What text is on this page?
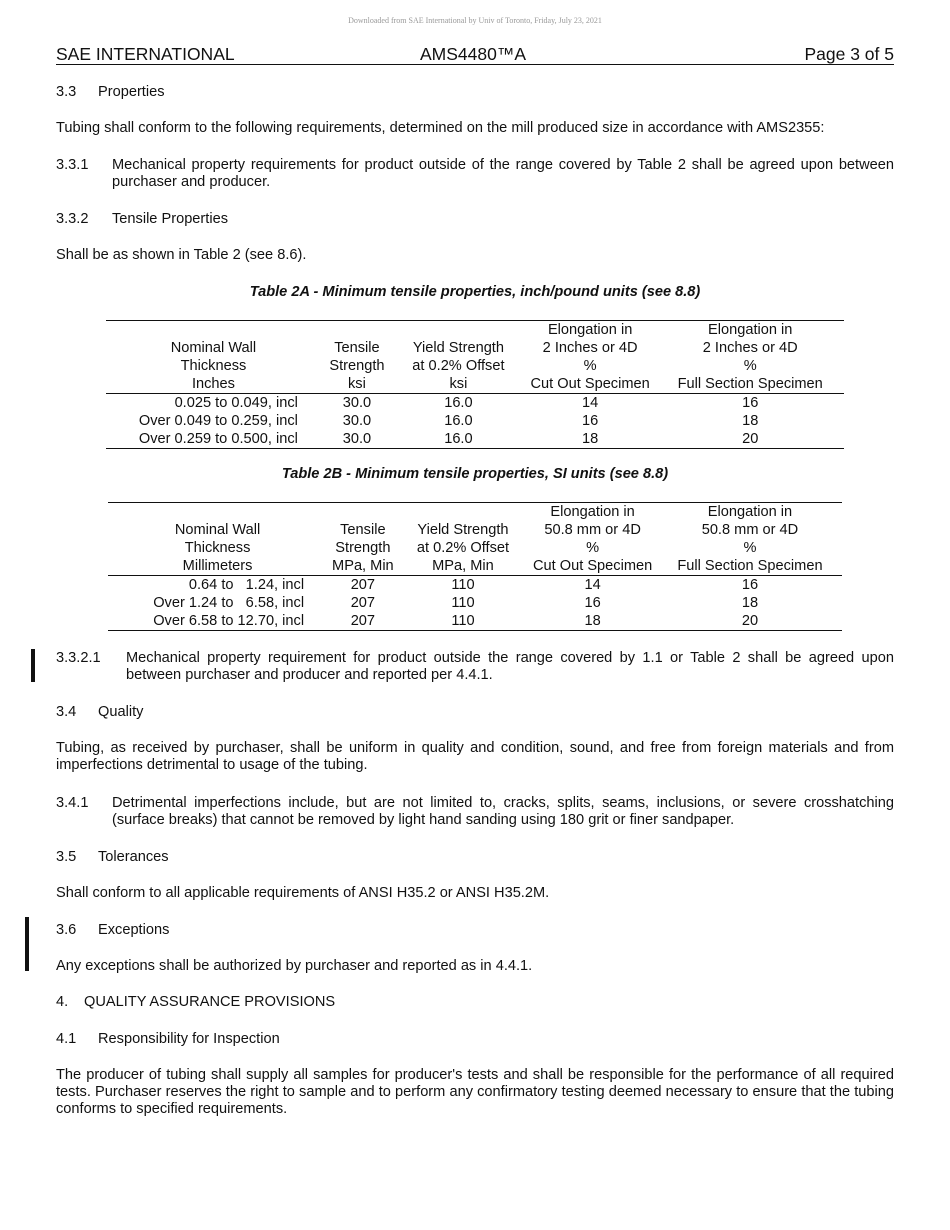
Downloaded from SAE International by Univ of Toronto, Friday, July 23, 2021
SAE INTERNATIONAL	AMS4480™A	Page 3 of 5
3.3 Properties
Tubing shall conform to the following requirements, determined on the mill produced size in accordance with AMS2355:
3.3.1 Mechanical property requirements for product outside of the range covered by Table 2 shall be agreed upon between purchaser and producer.
3.3.2 Tensile Properties
Shall be as shown in Table 2 (see 8.6).
Table 2A - Minimum tensile properties, inch/pound units (see 8.8)
			Elongation in	Elongation in
Nominal Wall	Tensile	Yield Strength	2 Inches or 4D	2 Inches or 4D
Thickness	Strength	at 0.2% Offset	%	%
Inches	ksi	ksi	Cut Out Specimen	Full Section Specimen
0.025 to 0.049, incl	30.0	16.0	14	16
Over 0.049 to 0.259, incl	30.0	16.0	16	18
Over 0.259 to 0.500, incl	30.0	16.0	18	20
Table 2B - Minimum tensile properties, SI units (see 8.8)
			Elongation in	Elongation in
Nominal Wall	Tensile	Yield Strength	50.8 mm or 4D	50.8 mm or 4D
Thickness	Strength	at 0.2% Offset	%	%
Millimeters	MPa, Min	MPa, Min	Cut Out Specimen	Full Section Specimen
0.64 to   1.24, incl	207	110	14	16
Over 1.24 to   6.58, incl	207	110	16	18
Over 6.58 to 12.70, incl	207	110	18	20
3.3.2.1 Mechanical property requirement for product outside the range covered by 1.1 or Table 2 shall be agreed upon between purchaser and producer and reported per 4.4.1.
3.4 Quality
Tubing, as received by purchaser, shall be uniform in quality and condition, sound, and free from foreign materials and from imperfections detrimental to usage of the tubing.
3.4.1 Detrimental imperfections include, but are not limited to, cracks, splits, seams, inclusions, or severe crosshatching (surface breaks) that cannot be removed by light hand sanding using 180 grit or finer sandpaper.
3.5 Tolerances
Shall conform to all applicable requirements of ANSI H35.2 or ANSI H35.2M.
3.6 Exceptions
Any exceptions shall be authorized by purchaser and reported as in 4.4.1.
4. QUALITY ASSURANCE PROVISIONS
4.1 Responsibility for Inspection
The producer of tubing shall supply all samples for producer's tests and shall be responsible for the performance of all required tests. Purchaser reserves the right to sample and to perform any confirmatory testing deemed necessary to ensure that the tubing conforms to specified requirements.
